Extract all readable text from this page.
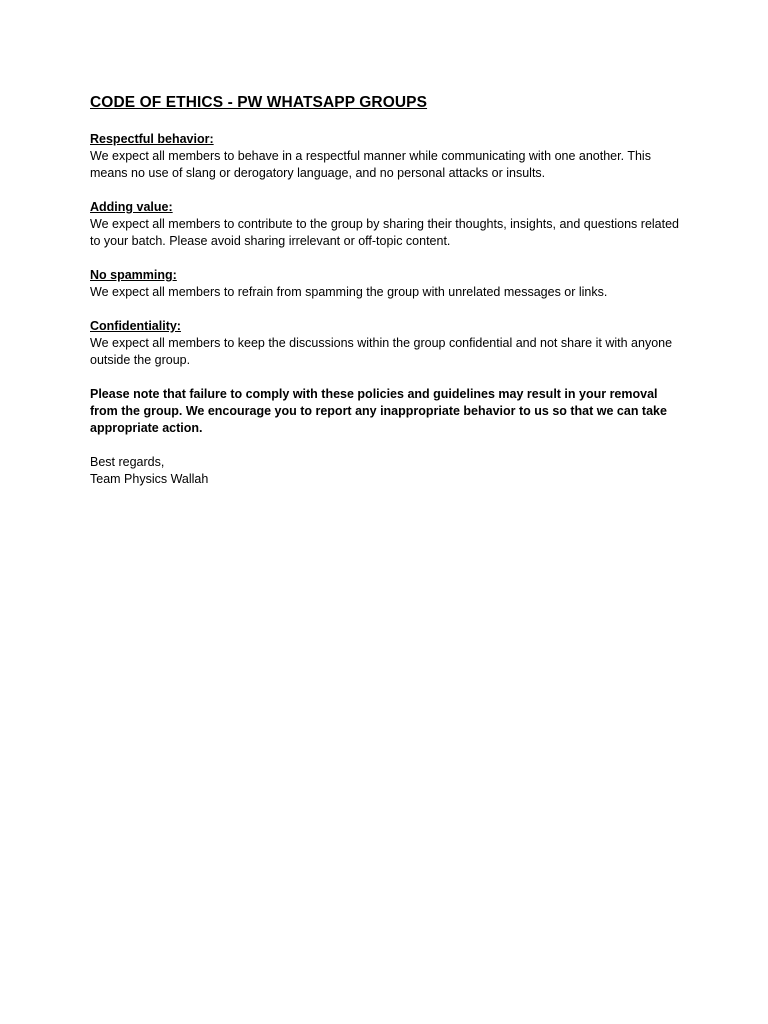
CODE OF ETHICS - PW WHATSAPP GROUPS

Respectful behavior:

We expect all members to behave in a respectful manner while communicating with one another. This means no use of slang or derogatory language, and no personal attacks or insults.

Adding value:

We expect all members to contribute to the group by sharing their thoughts, insights, and questions related to your batch. Please avoid sharing irrelevant or off-topic content.

No spamming:

We expect all members to refrain from spamming the group with unrelated messages or links.

Confidentiality:

We expect all members to keep the discussions within the group confidential and not share it with anyone outside the group.

Please note that failure to comply with these policies and guidelines may result in your removal from the group. We encourage you to report any inappropriate behavior to us so that we can take appropriate action.

Best regards,

Team Physics Wallah
